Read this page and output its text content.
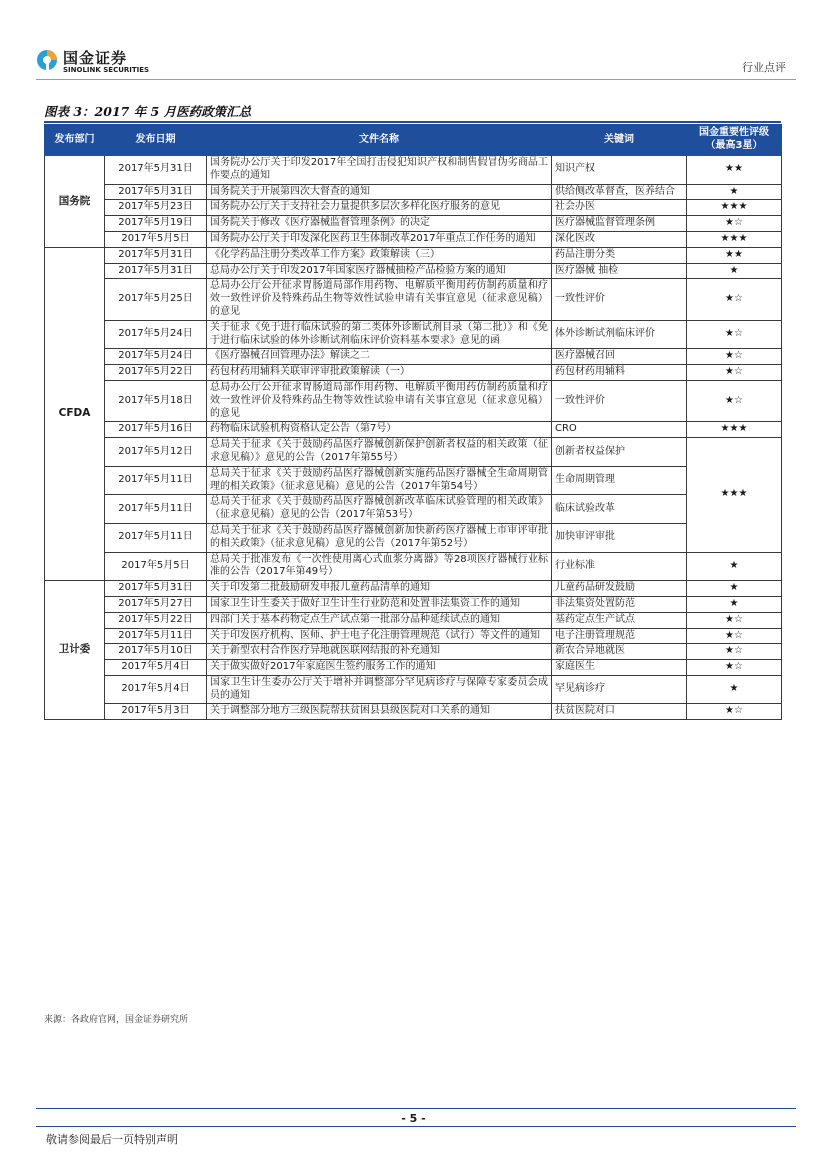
国金证券
SINOLINK SECURITIES	行业点评
图表 3：2017 年 5 月医药政策汇总
发布部门	发布日期	文件名称	关键词	国金重要性评级（最高3星）
国务院	2017年5月31日	国务院办公厅关于印发2017年全国打击侵犯知识产权和制售假冒伪劣商品工作要点的通知	知识产权	★★
	2017年5月31日	国务院关于开展第四次大督查的通知	供给侧改革督查，医养结合	★
	2017年5月23日	国务院办公厅关于支持社会力量提供多层次多样化医疗服务的意见	社会办医	★★★
	2017年5月19日	国务院关于修改《医疗器械监督管理条例》的决定	医疗器械监督管理条例	★☆
	2017年5月5日	国务院办公厅关于印发深化医药卫生体制改革2017年重点工作任务的通知	深化医改	★★★
CFDA	2017年5月31日	《化学药品注册分类改革工作方案》政策解读（三）	药品注册分类	★★
	2017年5月31日	总局办公厅关于印发2017年国家医疗器械抽检产品检验方案的通知	医疗器械 抽检	★
	2017年5月25日	总局办公厅公开征求胃肠道局部作用药物、电解质平衡用药仿制药质量和疗效一致性评价及特殊药品生物等效性试验申请有关事宜意见（征求意见稿）的意见	一致性评价	★☆
	2017年5月24日	关于征求《免于进行临床试验的第二类体外诊断试剂目录（第二批）》和《免于进行临床试验的体外诊断试剂临床评价资料基本要求》意见的函	体外诊断试剂临床评价	★☆
	2017年5月24日	《医疗器械召回管理办法》解读之二	医疗器械召回	★☆
	2017年5月22日	药包材药用辅料关联审评审批政策解读（一）	药包材药用辅料	★☆
	2017年5月18日	总局办公厅公开征求胃肠道局部作用药物、电解质平衡用药仿制药质量和疗效一致性评价及特殊药品生物等效性试验申请有关事宜意见（征求意见稿）的意见	一致性评价	★☆
	2017年5月16日	药物临床试验机构资格认定公告（第7号）	CRO	★★★
	2017年5月12日	总局关于征求《关于鼓励药品医疗器械创新保护创新者权益的相关政策（征求意见稿）》意见的公告（2017年第55号）	创新者权益保护	★★★
	2017年5月11日	总局关于征求《关于鼓励药品医疗器械创新实施药品医疗器械全生命周期管理的相关政策》（征求意见稿）意见的公告（2017年第54号）	生命周期管理	
	2017年5月11日	总局关于征求《关于鼓励药品医疗器械创新改革临床试验管理的相关政策》（征求意见稿）意见的公告（2017年第53号）	临床试验改革	
	2017年5月11日	总局关于征求《关于鼓励药品医疗器械创新加快新药医疗器械上市审评审批的相关政策》（征求意见稿）意见的公告（2017年第52号）	加快审评审批	
	2017年5月5日	总局关于批准发布《一次性使用离心式血浆分离器》等28项医疗器械行业标准的公告（2017年第49号）	行业标准	★
卫计委	2017年5月31日	关于印发第二批鼓励研发申报儿童药品清单的通知	儿童药品研发鼓励	★
	2017年5月27日	国家卫生计生委关于做好卫生计生行业防范和处置非法集资工作的通知	非法集资处置防范	★
	2017年5月22日	四部门关于基本药物定点生产试点第一批部分品种延续试点的通知	基药定点生产试点	★☆
	2017年5月11日	关于印发医疗机构、医师、护士电子化注册管理规范（试行）等文件的通知	电子注册管理规范	★☆
	2017年5月10日	关于新型农村合作医疗异地就医联网结报的补充通知	新农合异地就医	★☆
	2017年5月4日	关于做实做好2017年家庭医生签约服务工作的通知	家庭医生	★☆
	2017年5月4日	国家卫生计生委办公厅关于增补并调整部分罕见病诊疗与保障专家委员会成员的通知	罕见病诊疗	★
	2017年5月3日	关于调整部分地方三级医院帮扶贫困县县级医院对口关系的通知	扶贫医院对口	★☆
来源：各政府官网，国金证券研究所
- 5 -
敬请参阅最后一页特别声明
